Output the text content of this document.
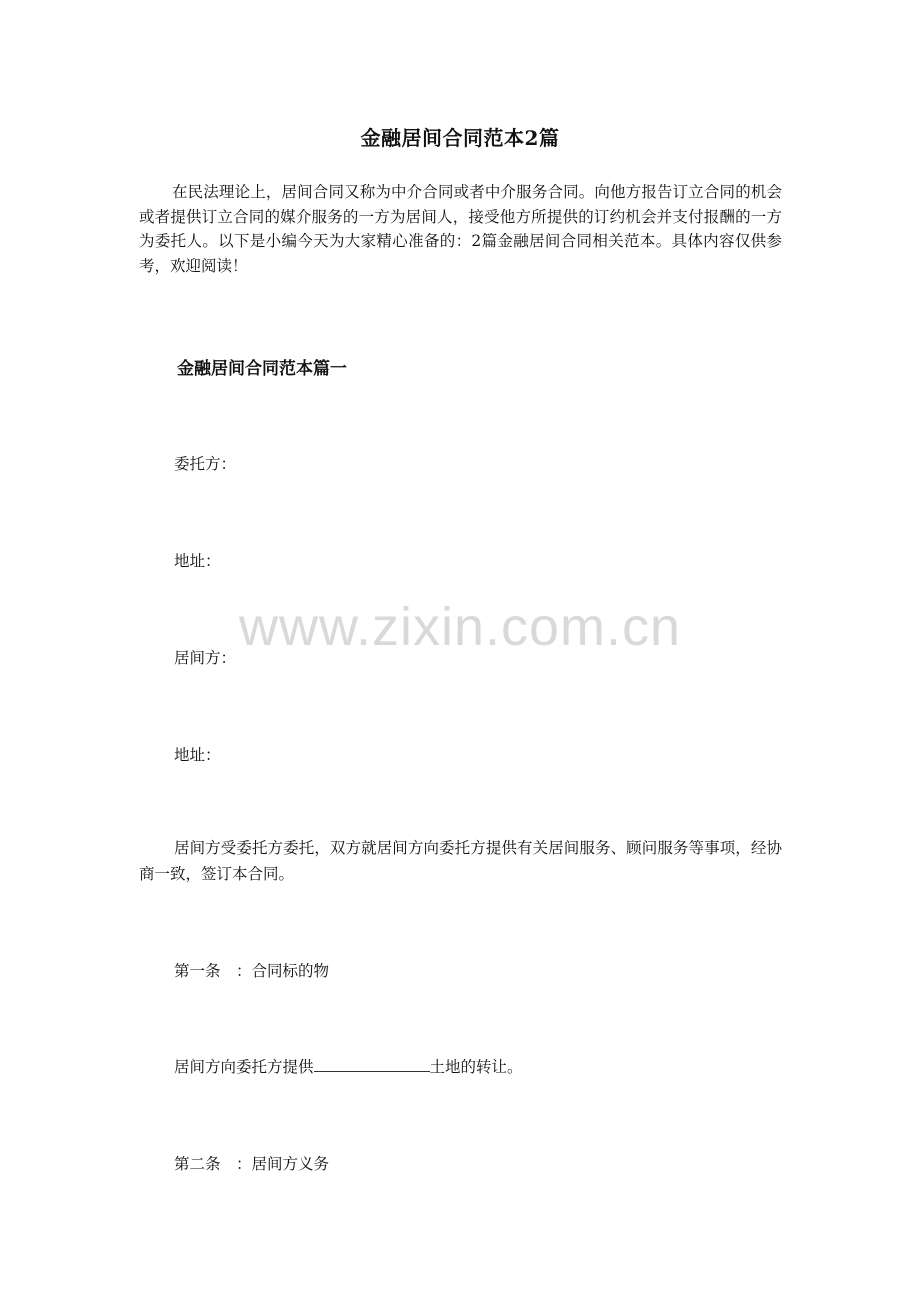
金融居间合同范本2篇

在民法理论上，居间合同又称为中介合同或者中介服务合同。向他方报告订立合同的机会或者提供订立合同的媒介服务的一方为居间人，接受他方所提供的订约机会并支付报酬的一方为委托人。以下是小编今天为大家精心准备的：2篇金融居间合同相关范本。具体内容仅供参考，欢迎阅读！

金融居间合同范本篇一

委托方：

地址：

居间方：

地址：

居间方受委托方委托，双方就居间方向委托方提供有关居间服务、顾问服务等事项，经协商一致，签订本合同。

第一条　：合同标的物

居间方向委托方提供	土地的转让。

第二条　：居间方义务

www.zixin.com.cn
